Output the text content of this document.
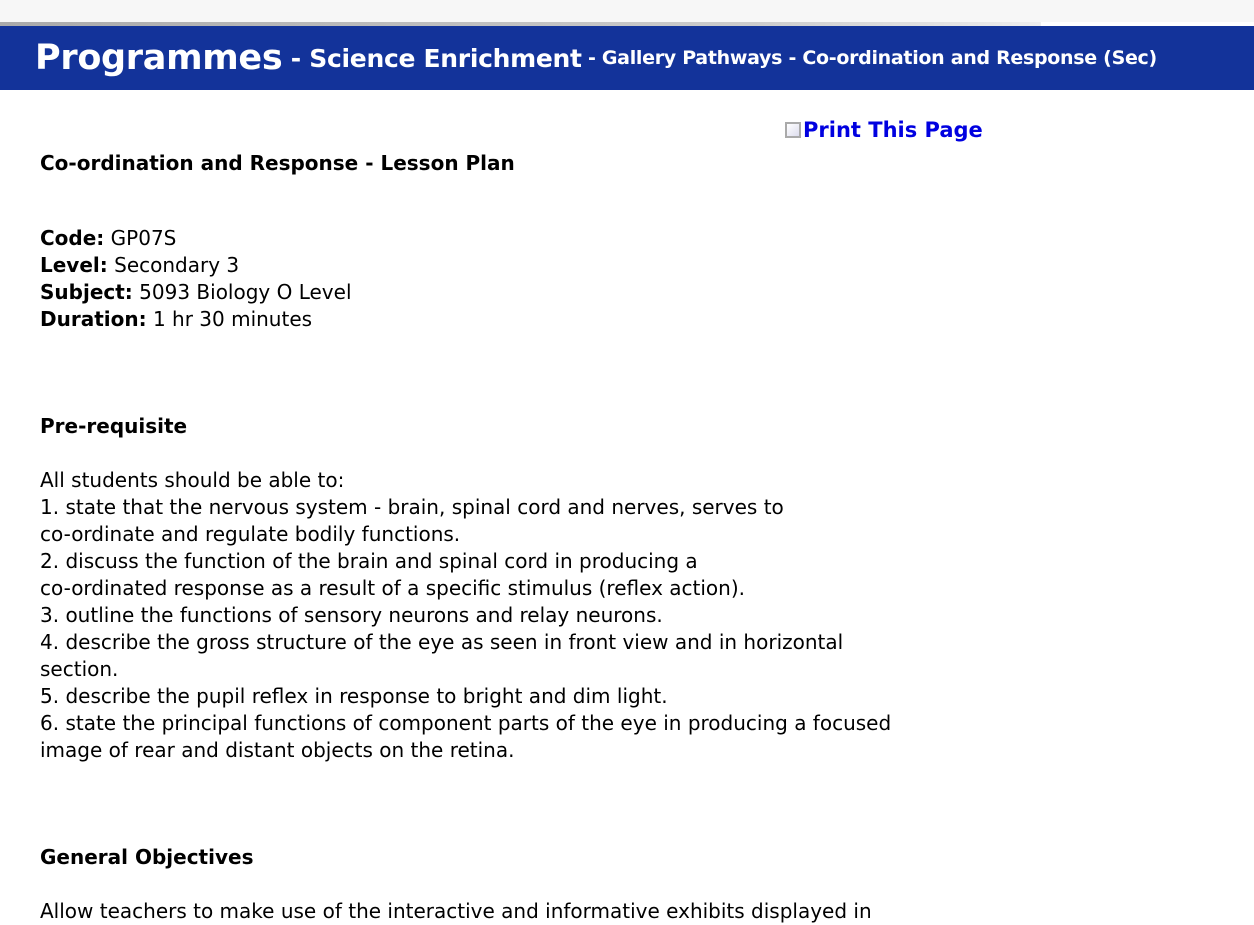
Programmes - Science Enrichment - Gallery Pathways - Co-ordination and Response (Sec)
Print This Page
Co-ordination and Response - Lesson Plan
Code: GP07S
Level: Secondary 3
Subject: 5093 Biology O Level
Duration: 1 hr 30 minutes
Pre-requisite
All students should be able to:
1. state that the nervous system - brain, spinal cord and nerves, serves to
co-ordinate and regulate bodily functions.
2. discuss the function of the brain and spinal cord in producing a
co-ordinated response as a result of a specific stimulus (reflex action).
3. outline the functions of sensory neurons and relay neurons.
4. describe the gross structure of the eye as seen in front view and in horizontal
section.
5. describe the pupil reflex in response to bright and dim light.
6. state the principal functions of component parts of the eye in producing a focused
image of rear and distant objects on the retina.
General Objectives
Allow teachers to make use of the interactive and informative exhibits displayed in
